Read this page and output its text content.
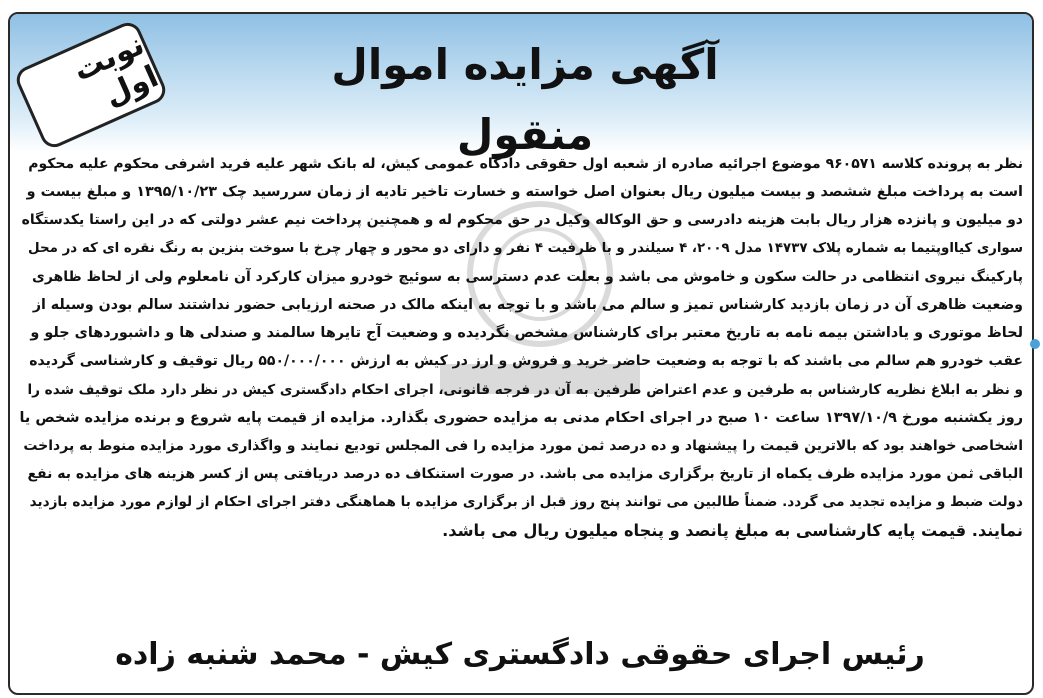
آگهی مزایده اموال منقول
نوبت اول

نظر به پرونده کلاسه ۹۶۰۵۷۱ موضوع اجرائیه صادره از شعبه اول حقوقی دادگاه عمومی کیش، له بانک شهر علیه فرید اشرفی محکوم علیه محکوم

است به پرداخت مبلغ ششصد و بیست میلیون ریال بعنوان اصل خواسته و خسارت تاخیر تادیه از زمان سررسید چک ۱۳۹۵/۱۰/۲۳ و مبلغ بیست و

دو میلیون و پانزده هزار ریال بابت هزینه دادرسی و حق الوکاله وکیل در حق محکوم له و همچنین پرداخت نیم عشر دولتی که در این راستا یکدستگاه

سواری کیااوپتیما به شماره پلاک ۱۴۷۳۷ مدل ۲۰۰۹، ۴ سیلندر و با ظرفیت ۴ نفر و دارای دو محور و چهار چرخ با سوخت بنزین به رنگ نقره ای که در محل

پارکینگ نیروی انتظامی در حالت سکون و خاموش می باشد و بعلت عدم دسترسی به سوئیچ خودرو میزان کارکرد آن نامعلوم ولی از لحاظ ظاهری

وضعیت ظاهری آن در زمان بازدید کارشناس تمیز و سالم می باشد و با توجه به اینکه مالک در صحنه ارزیابی حضور نداشتند سالم بودن وسیله از

لحاظ موتوری و یاداشتن بیمه نامه به تاریخ معتبر برای کارشناس مشخص نگردیده و وضعیت آج تایرها سالمند و صندلی ها و داشبوردهای جلو و

عقب خودرو هم سالم می باشند که با توجه به وضعیت حاضر خرید و فروش و ارز در کیش به ارزش ۵۵۰/۰۰۰/۰۰۰ ریال توقیف و کارشناسی گردیده

و نظر به ابلاغ نظریه کارشناس به طرفین و عدم اعتراض طرفین به آن در فرجه قانونی، اجرای احکام دادگستری کیش در نظر دارد ملک توقیف شده را

روز یکشنبه مورخ ۱۳۹۷/۱۰/۹ ساعت ۱۰ صبح در اجرای احکام مدنی به مزایده حضوری بگذارد. مزایده از قیمت پایه شروع و برنده مزایده شخص یا

اشخاصی خواهند بود که بالاترین قیمت را پیشنهاد و ده درصد ثمن مورد مزایده را فی المجلس تودیع نمایند و واگذاری مورد مزایده منوط به پرداخت

الباقی ثمن مورد مزایده ظرف یکماه از تاریخ برگزاری مزایده می باشد. در صورت استنکاف ده درصد دریافتی پس از کسر هزینه های مزایده به نفع

دولت ضبط و مزایده تجدید می گردد. ضمناً طالبین می توانند پنج روز قبل از برگزاری مزایده با هماهنگی دفتر اجرای احکام از لوازم مورد مزایده بازدید

نمایند. قیمت پایه کارشناسی به مبلغ پانصد و پنجاه میلیون ریال می باشد.

رئیس اجرای حقوقی دادگستری کیش - محمد شنبه زاده
